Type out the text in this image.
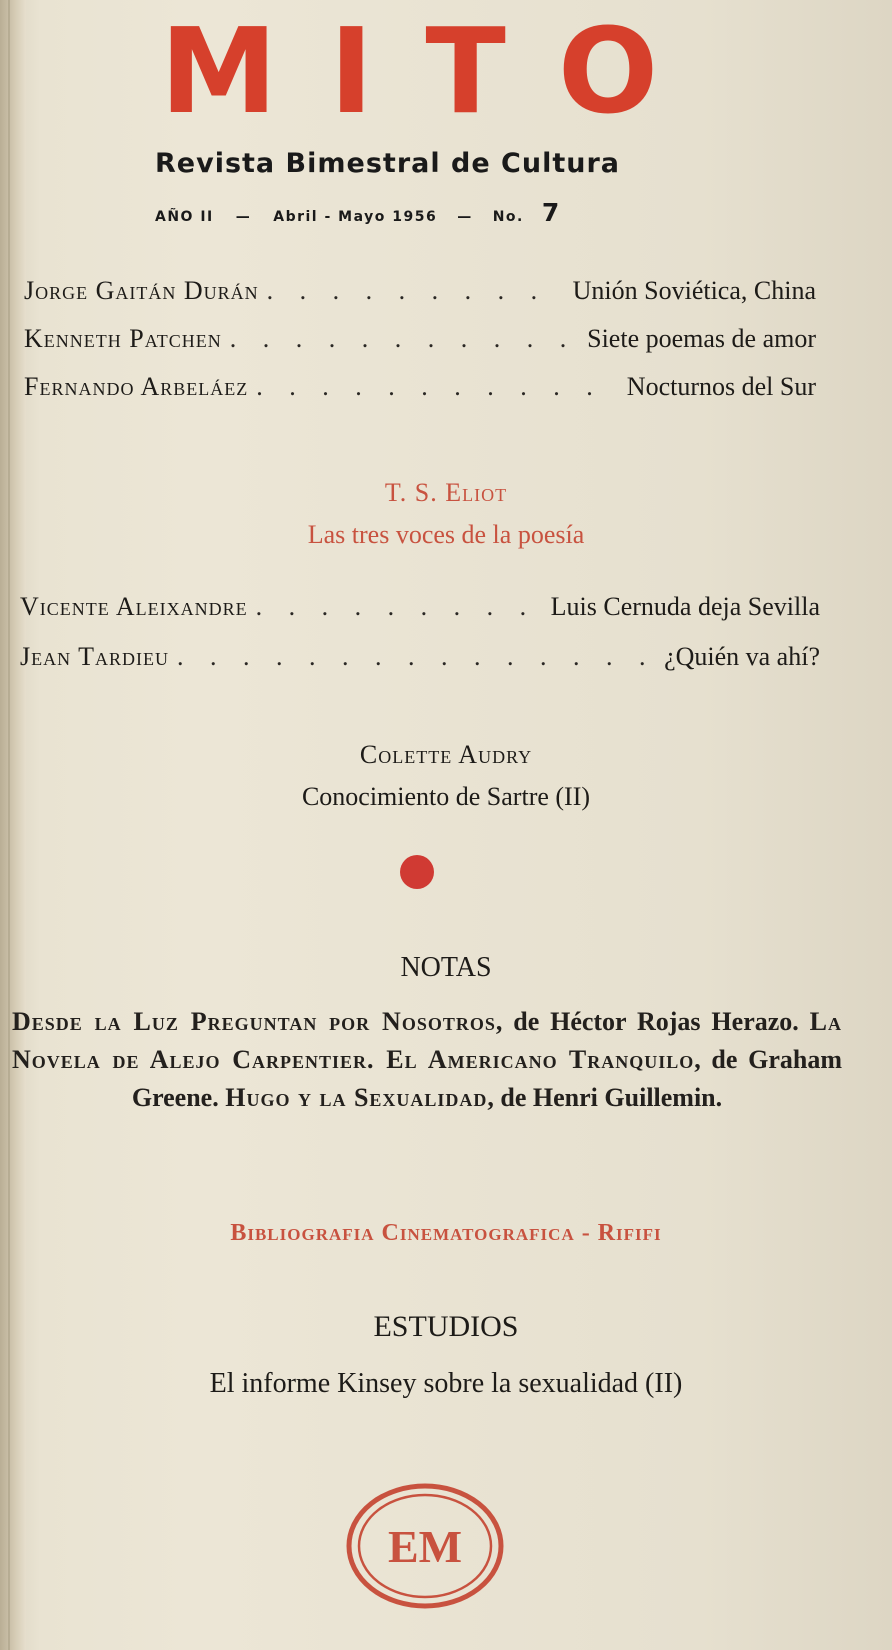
MITO
Revista Bimestral de Cultura
AÑO II — Abril - Mayo 1956 — No. 7
Jorge Gaitán Durán . . .	Unión Soviética, China
Kenneth Patchen . . .	Siete poemas de amor
Fernando Arbeláez . . .	Nocturnos del Sur
T. S. Eliot
Las tres voces de la poesía
Vicente Aleixandre . . .	Luis Cernuda deja Sevilla
Jean Tardieu . . .	¿Quién va ahí?
Colette Audry
Conocimiento de Sartre (II)
NOTAS
Desde la Luz Preguntan por Nosotros, de Héctor Rojas Herazo. La Novela de Alejo Carpentier. El Americano Tranquilo, de Graham Greene. Hugo y la Sexualidad, de Henri Guillemin.
Bibliografia Cinematografica - Rififi
ESTUDIOS
El informe Kinsey sobre la sexualidad (II)
EM
